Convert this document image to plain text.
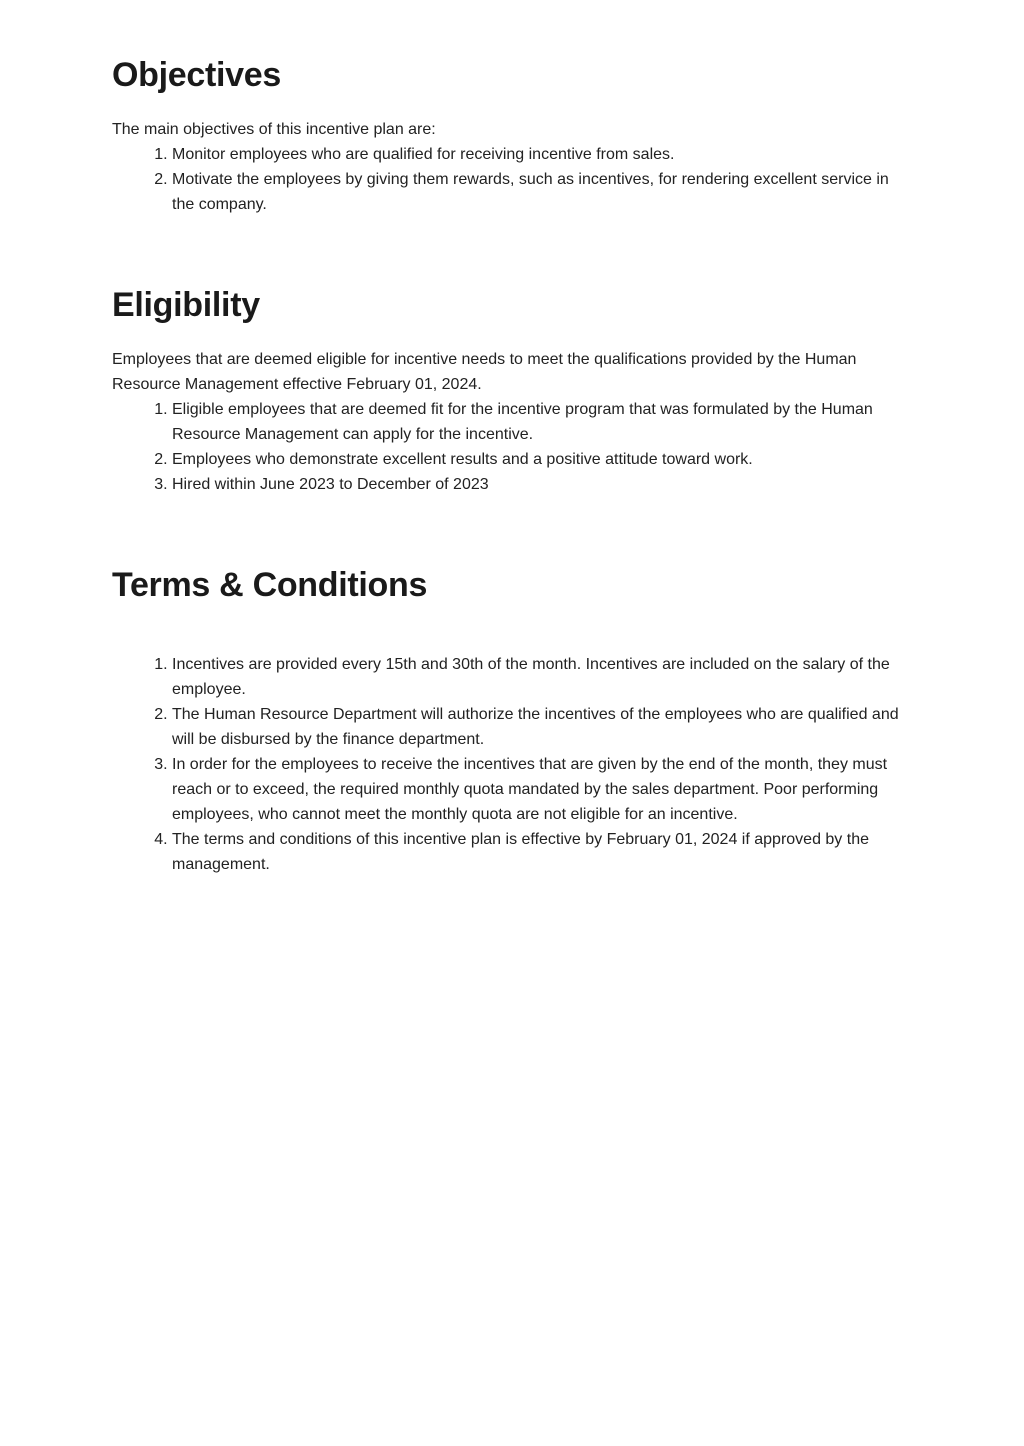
Objectives

The main objectives of this incentive plan are:

1. Monitor employees who are qualified for receiving incentive from sales.
2. Motivate the employees by giving them rewards, such as incentives, for rendering excellent service in the company.
Eligibility

Employees that are deemed eligible for incentive needs to meet the qualifications provided by the Human Resource Management effective February 01, 2024.

1. Eligible employees that are deemed fit for the incentive program that was formulated by the Human Resource Management can apply for the incentive.
2. Employees who demonstrate excellent results and a positive attitude toward work.
3. Hired within June 2023 to December of 2023
Terms & Conditions
1. Incentives are provided every 15th and 30th of the month. Incentives are included on the salary of the employee.
2. The Human Resource Department will authorize the incentives of the employees who are qualified and will be disbursed by the finance department.
3. In order for the employees to receive the incentives that are given by the end of the month, they must reach or to exceed, the required monthly quota mandated by the sales department. Poor performing employees, who cannot meet the monthly quota are not eligible for an incentive.
4. The terms and conditions of this incentive plan is effective by February 01, 2024 if approved by the management.
